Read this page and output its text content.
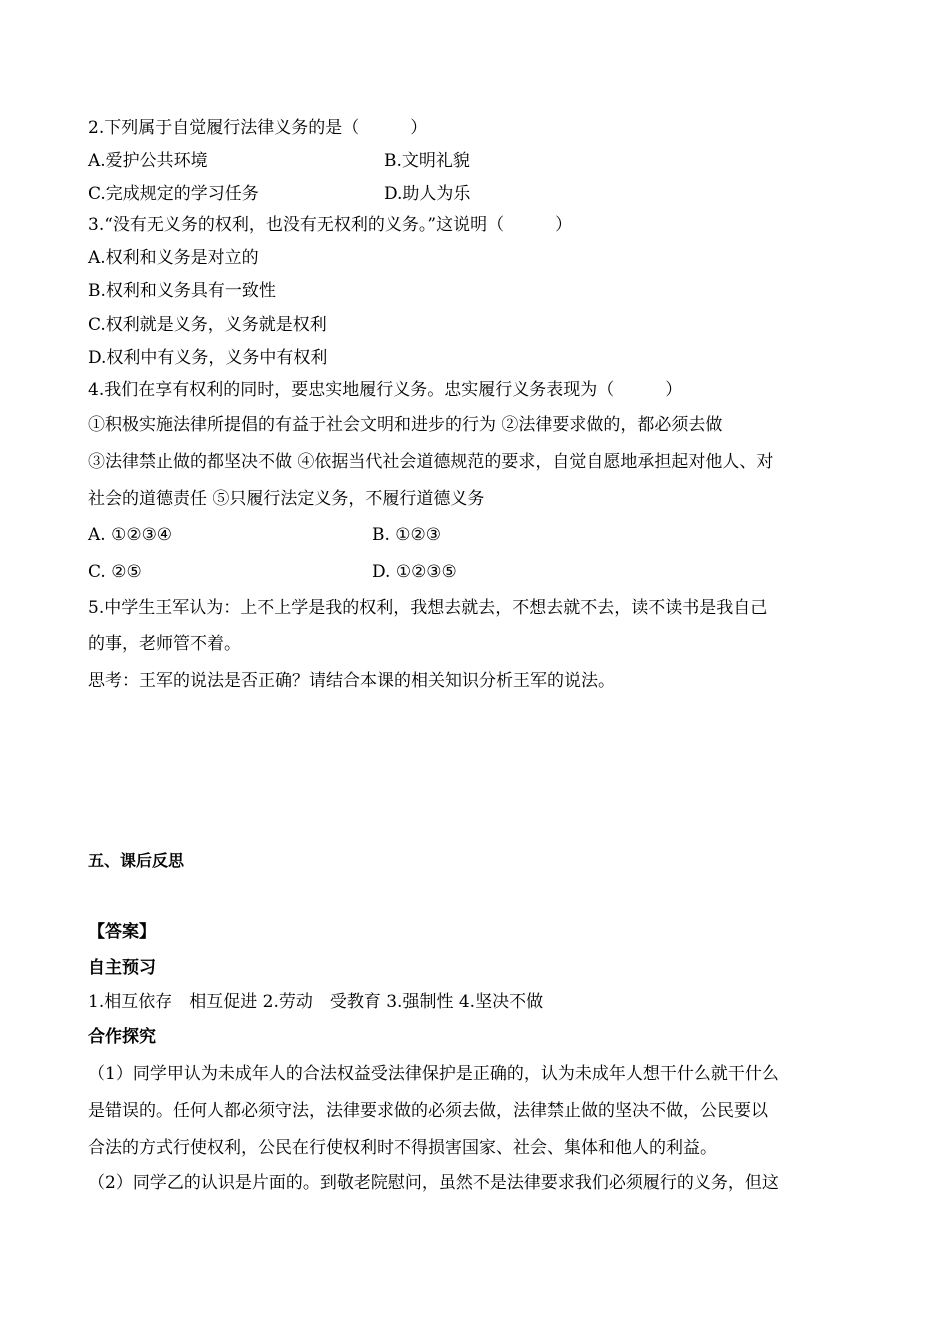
2.下列属于自觉履行法律义务的是（　　　）
A.爱护公共环境	B.文明礼貌
C.完成规定的学习任务	D.助人为乐
3.“没有无义务的权利，也没有无权利的义务。”这说明（　　　）
A.权利和义务是对立的
B.权利和义务具有一致性
C.权利就是义务，义务就是权利
D.权利中有义务，义务中有权利
4.我们在享有权利的同时，要忠实地履行义务。忠实履行义务表现为（　　　）
①积极实施法律所提倡的有益于社会文明和进步的行为 ②法律要求做的，都必须去做
③法律禁止做的都坚决不做 ④依据当代社会道德规范的要求，自觉自愿地承担起对他人、对
社会的道德责任 ⑤只履行法定义务，不履行道德义务
A. ①②③④	B. ①②③
C. ②⑤	D. ①②③⑤
5.中学生王军认为：上不上学是我的权利，我想去就去，不想去就不去，读不读书是我自己
的事，老师管不着。
思考：王军的说法是否正确？请结合本课的相关知识分析王军的说法。
五、课后反思
【答案】
自主预习
1.相互依存　相互促进 2.劳动　受教育 3.强制性 4.坚决不做
合作探究
（1）同学甲认为未成年人的合法权益受法律保护是正确的，认为未成年人想干什么就干什么
是错误的。任何人都必须守法，法律要求做的必须去做，法律禁止做的坚决不做，公民要以
合法的方式行使权利，公民在行使权利时不得损害国家、社会、集体和他人的利益。
（2）同学乙的认识是片面的。到敬老院慰问，虽然不是法律要求我们必须履行的义务，但这
